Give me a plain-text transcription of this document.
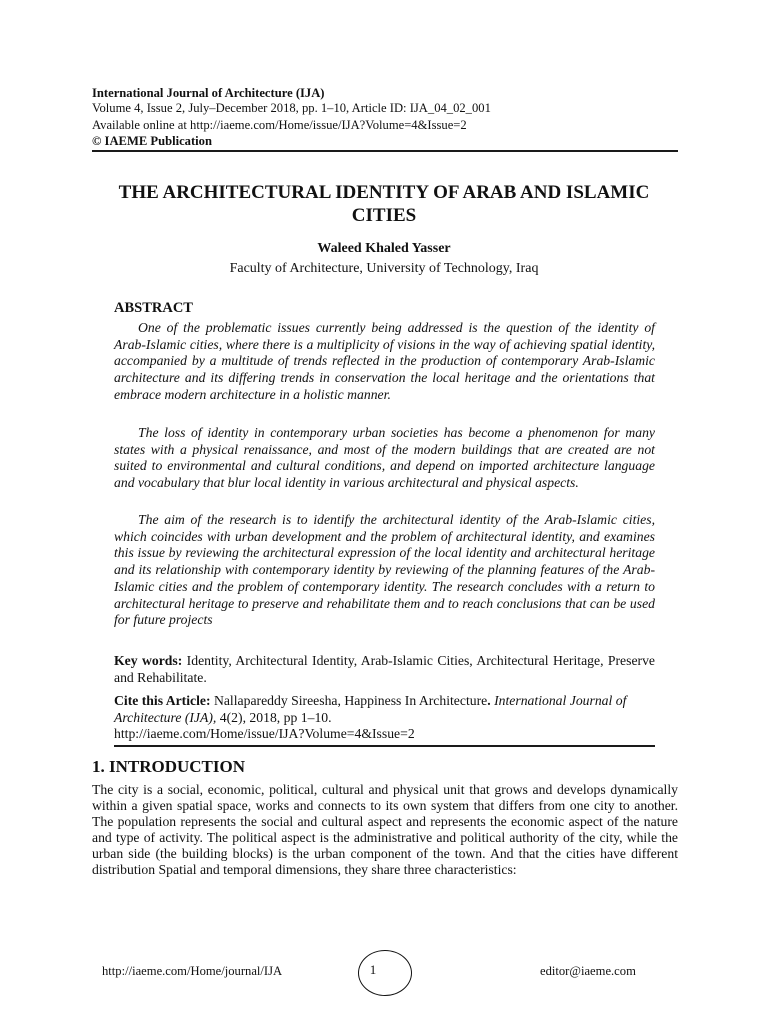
International Journal of Architecture (IJA)
Volume 4, Issue 2, July–December 2018, pp. 1–10, Article ID: IJA_04_02_001
Available online at http://iaeme.com/Home/issue/IJA?Volume=4&Issue=2
© IAEME Publication
THE ARCHITECTURAL IDENTITY OF ARAB AND ISLAMIC
CITIES
Waleed Khaled Yasser
Faculty of Architecture, University of Technology, Iraq
ABSTRACT

One of the problematic issues currently being addressed is the question of the identity of Arab-Islamic cities, where there is a multiplicity of visions in the way of achieving spatial identity, accompanied by a multitude of trends reflected in the production of contemporary Arab-Islamic architecture and its differing trends in conservation the local heritage and the orientations that embrace modern architecture in a holistic manner.

The loss of identity in contemporary urban societies has become a phenomenon for many states with a physical renaissance, and most of the modern buildings that are created are not suited to environmental and cultural conditions, and depend on imported architecture language and vocabulary that blur local identity in various architectural and physical aspects.

The aim of the research is to identify the architectural identity of the Arab-Islamic cities, which coincides with urban development and the problem of architectural identity, and examines this issue by reviewing the architectural expression of the local identity and architectural heritage and its relationship with contemporary identity by reviewing of the planning features of the Arab-Islamic cities and the problem of contemporary identity. The research concludes with a return to architectural heritage to preserve and rehabilitate them and to reach conclusions that can be used for future projects

Key words: Identity, Architectural Identity, Arab-Islamic Cities, Architectural Heritage, Preserve and Rehabilitate.

Cite this Article: Nallapareddy Sireesha, Happiness In Architecture. International Journal of Architecture (IJA), 4(2), 2018, pp 1–10.
http://iaeme.com/Home/issue/IJA?Volume=4&Issue=2

1. INTRODUCTION

The city is a social, economic, political, cultural and physical unit that grows and develops dynamically within a given spatial space, works and connects to its own system that differs from one city to another. The population represents the social and cultural aspect and represents the economic aspect of the nature and type of activity. The political aspect is the administrative and political authority of the city, while the urban side (the building blocks) is the urban component of the town. And that the cities have different distribution Spatial and temporal dimensions, they share three characteristics:

http://iaeme.com/Home/journal/IJA	1	editor@iaeme.com
